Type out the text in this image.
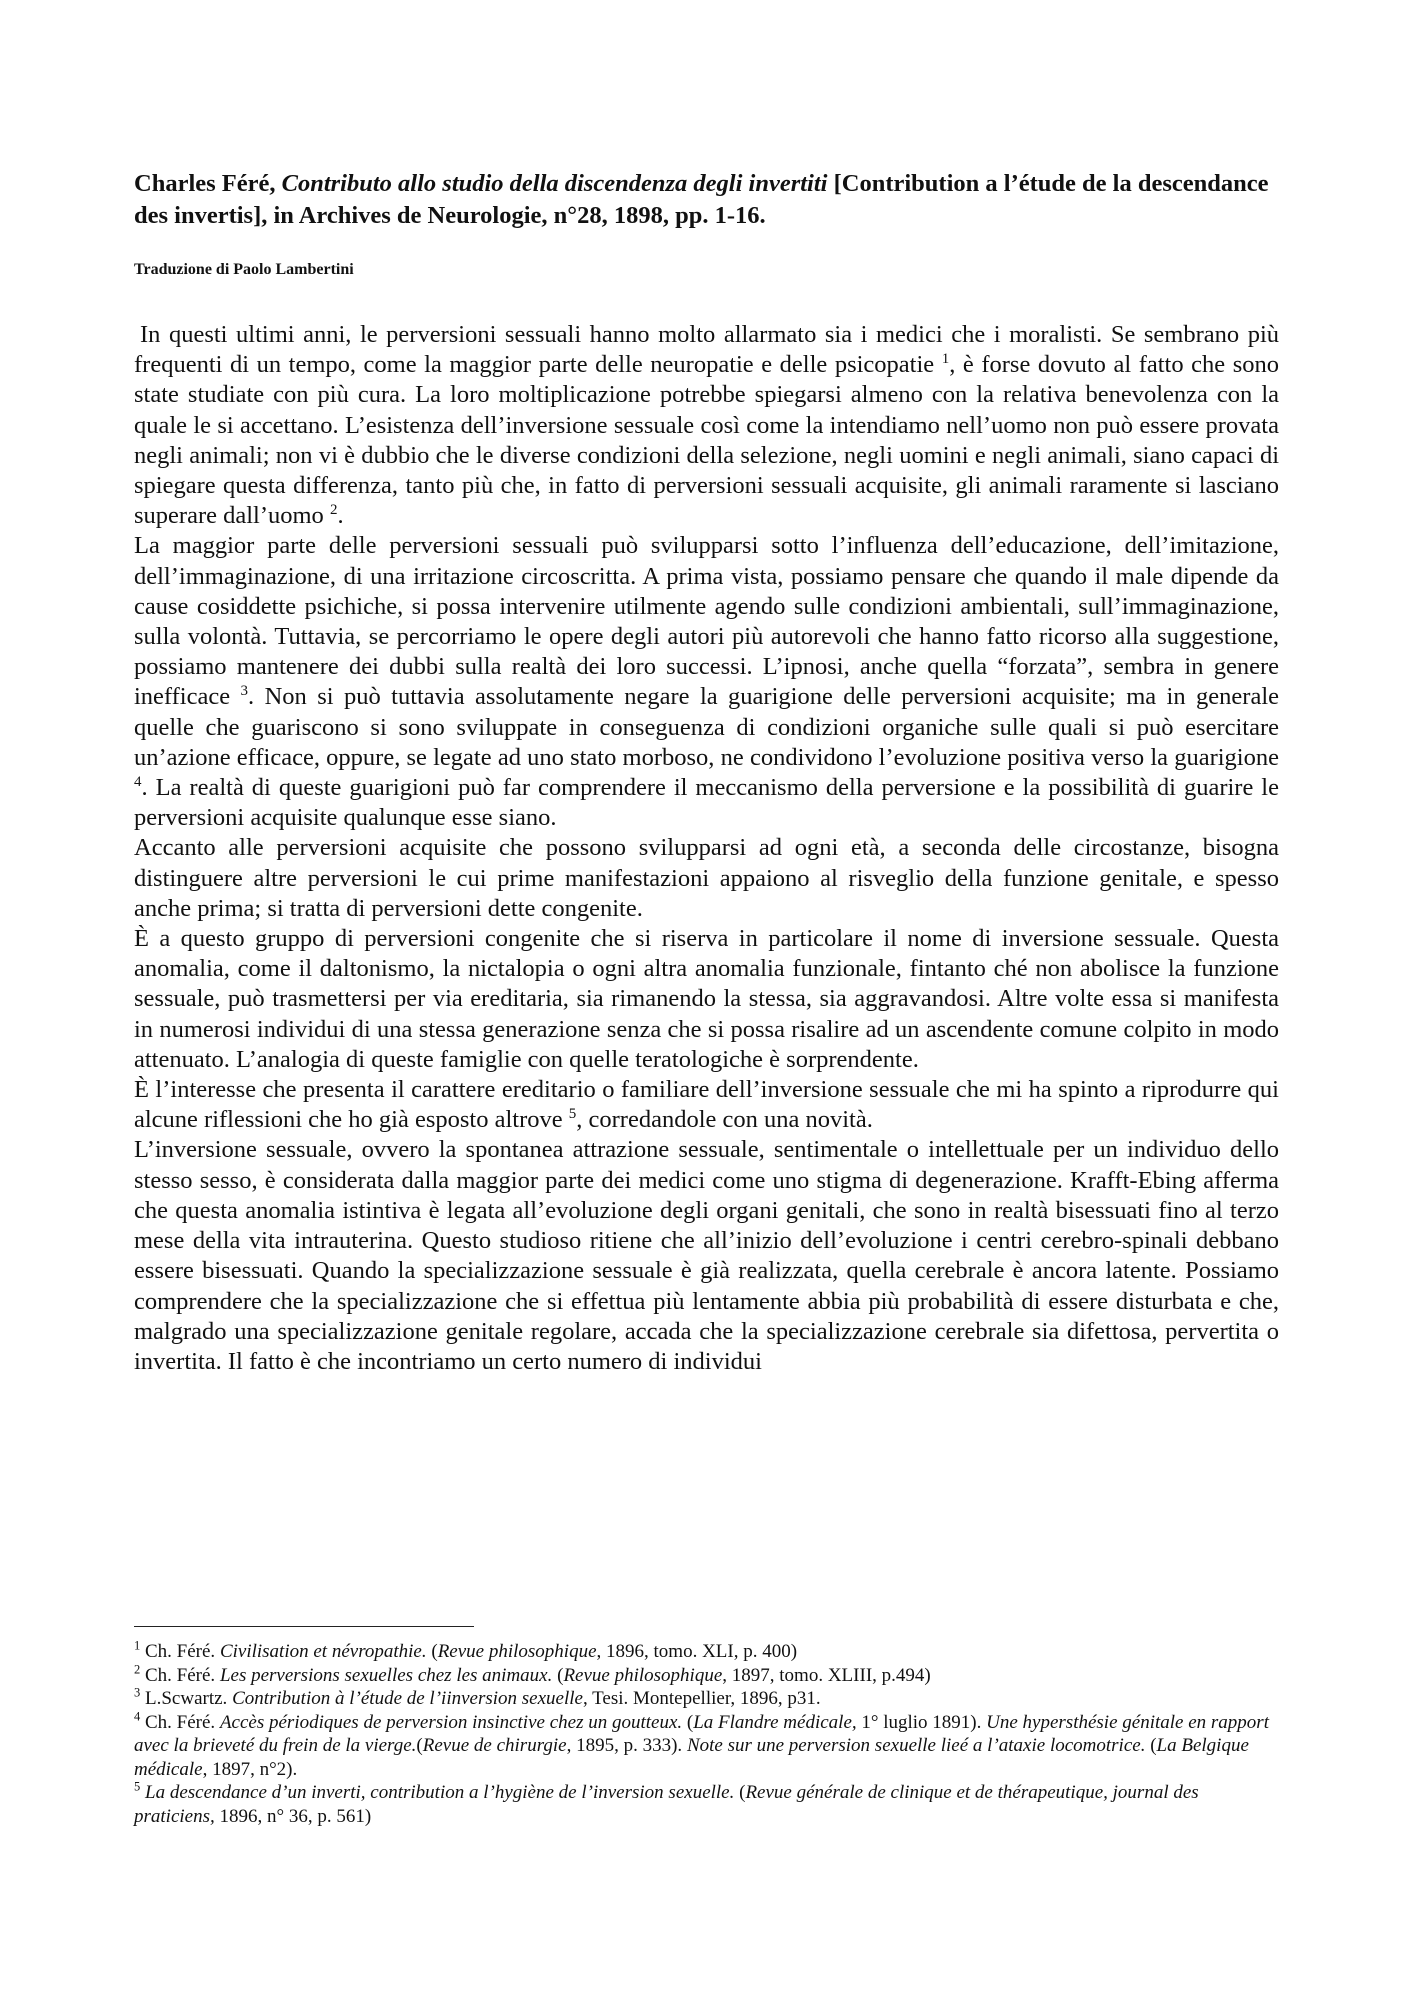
Charles Féré, Contributo allo studio della discendenza degli invertiti [Contribution a l’étude de la descendance des invertis], in Archives de Neurologie, n°28, 1898, pp. 1-16.

Traduzione di Paolo Lambertini

In questi ultimi anni, le perversioni sessuali hanno molto allarmato sia i medici che i moralisti. Se sembrano più frequenti di un tempo, come la maggior parte delle neuropatie e delle psicopatie $^1$, è forse dovuto al fatto che sono state studiate con più cura. La loro moltiplicazione potrebbe spiegarsi almeno con la relativa benevolenza con la quale le si accettano. L’esistenza dell’inversione sessuale così come la intendiamo nell’uomo non può essere provata negli animali; non vi è dubbio che le diverse condizioni della selezione, negli uomini e negli animali, siano capaci di spiegare questa differenza, tanto più che, in fatto di perversioni sessuali acquisite, gli animali raramente si lasciano superare dall’uomo $^2$.

La maggior parte delle perversioni sessuali può svilupparsi sotto l’influenza dell’educazione, dell’imitazione, dell’immaginazione, di una irritazione circoscritta. A prima vista, possiamo pensare che quando il male dipende da cause cosiddette psichiche, si possa intervenire utilmente agendo sulle condizioni ambientali, sull’immaginazione, sulla volontà. Tuttavia, se percorriamo le opere degli autori più autorevoli che hanno fatto ricorso alla suggestione, possiamo mantenere dei dubbi sulla realtà dei loro successi. L’ipnosi, anche quella “forzata”, sembra in genere inefficace $^3$. Non si può tuttavia assolutamente negare la guarigione delle perversioni acquisite; ma in generale quelle che guariscono si sono sviluppate in conseguenza di condizioni organiche sulle quali si può esercitare un’azione efficace, oppure, se legate ad uno stato morboso, ne condividono l’evoluzione positiva verso la guarigione $^4$. La realtà di queste guarigioni può far comprendere il meccanismo della perversione e la possibilità di guarire le perversioni acquisite qualunque esse siano.

Accanto alle perversioni acquisite che possono svilupparsi ad ogni età, a seconda delle circostanze, bisogna distinguere altre perversioni le cui prime manifestazioni appaiono al risveglio della funzione genitale, e spesso anche prima; si tratta di perversioni dette congenite.

È a questo gruppo di perversioni congenite che si riserva in particolare il nome di inversione sessuale. Questa anomalia, come il daltonismo, la nictalopia o ogni altra anomalia funzionale, fintanto ché non abolisce la funzione sessuale, può trasmettersi per via ereditaria, sia rimanendo la stessa, sia aggravandosi. Altre volte essa si manifesta in numerosi individui di una stessa generazione senza che si possa risalire ad un ascendente comune colpito in modo attenuato. L’analogia di queste famiglie con quelle teratologiche è sorprendente.

È l’interesse che presenta il carattere ereditario o familiare dell’inversione sessuale che mi ha spinto a riprodurre qui alcune riflessioni che ho già esposto altrove $^5$, corredandole con una novità.

L’inversione sessuale, ovvero la spontanea attrazione sessuale, sentimentale o intellettuale per un individuo dello stesso sesso, è considerata dalla maggior parte dei medici come uno stigma di degenerazione. Krafft-Ebing afferma che questa anomalia istintiva è legata all’evoluzione degli organi genitali, che sono in realtà bisessuati fino al terzo mese della vita intrauterina. Questo studioso ritiene che all’inizio dell’evoluzione i centri cerebro-spinali debbano essere bisessuati. Quando la specializzazione sessuale è già realizzata, quella cerebrale è ancora latente. Possiamo comprendere che la specializzazione che si effettua più lentamente abbia più probabilità di essere disturbata e che, malgrado una specializzazione genitale regolare, accada che la specializzazione cerebrale sia difettosa, pervertita o invertita. Il fatto è che incontriamo un certo numero di individui

$^1$ Ch. Féré. Civilisation et névropathie. (Revue philosophique, 1896, tomo. XLI, p. 400)

$^2$ Ch. Féré. Les perversions sexuelles chez les animaux. (Revue philosophique, 1897, tomo. XLIII, p.494)

$^3$ L.Scwartz. Contribution à l’étude de l’iinversion sexuelle, Tesi. Montepellier, 1896, p31.

$^4$ Ch. Féré. Accès périodiques de perversion insinctive chez un goutteux. (La Flandre médicale, 1° luglio 1891). Une hypersthésie génitale en rapport avec la brieveté du frein de la vierge.(Revue de chirurgie, 1895, p. 333). Note sur une perversion sexuelle lieé a l’ataxie locomotrice. (La Belgique médicale, 1897, n°2).

$^5$ La descendance d’un inverti, contribution a l’hygiène de l’inversion sexuelle. (Revue générale de clinique et de thérapeutique, journal des praticiens, 1896, n° 36, p. 561)
